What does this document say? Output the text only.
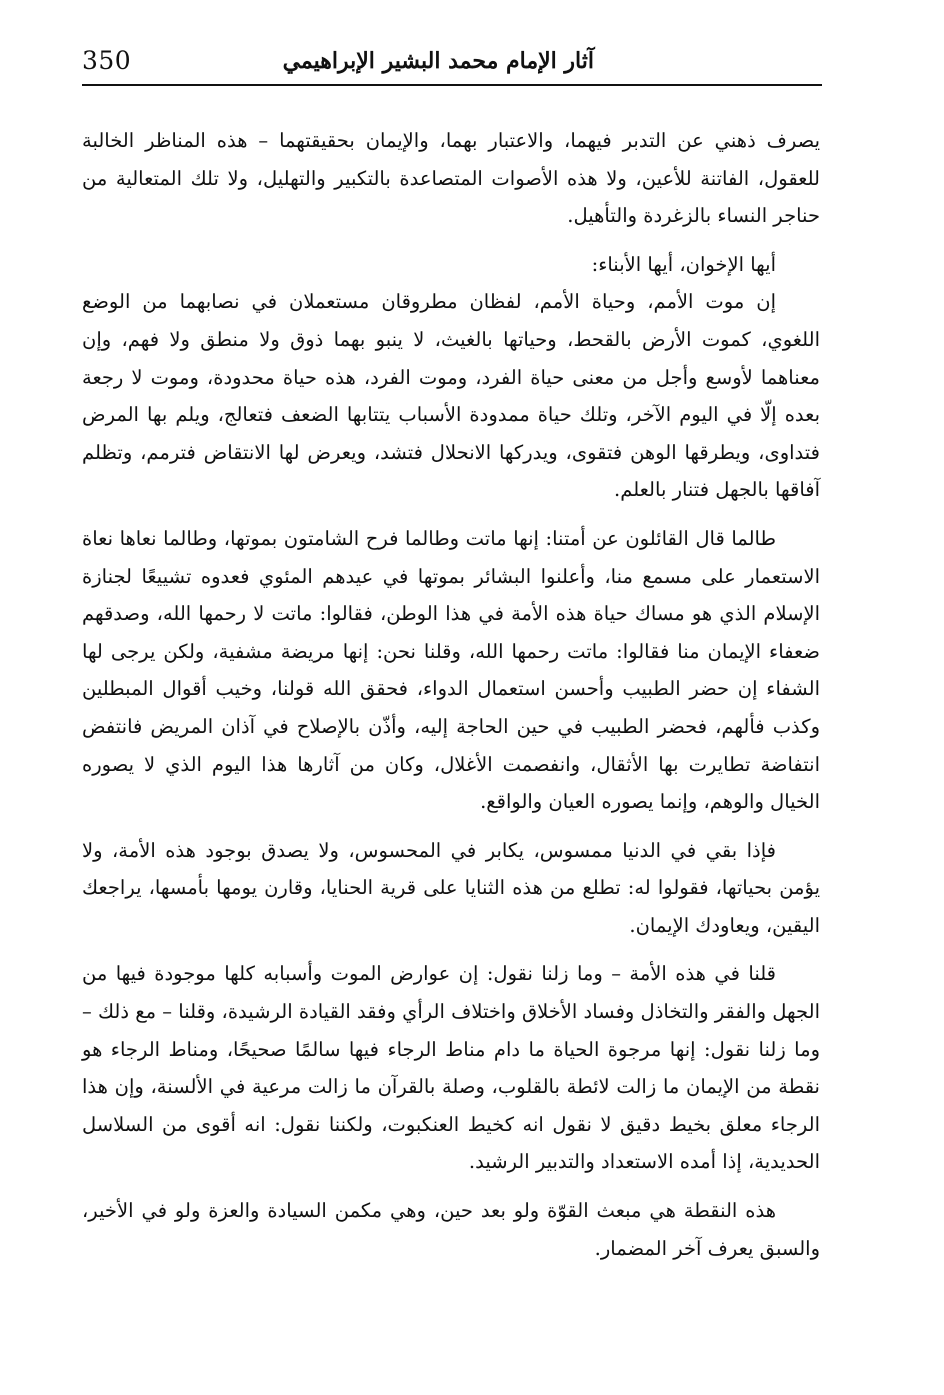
350	آثار الإمام محمد البشير الإبراهيمي

يصرف ذهني عن التدبر فيهما، والاعتبار بهما، والإيمان بحقيقتهما – هذه المناظر الخالبة للعقول، الفاتنة للأعين، ولا هذه الأصوات المتصاعدة بالتكبير والتهليل، ولا تلك المتعالية من حناجر النساء بالزغردة والتأهيل.

أيها الإخوان، أيها الأبناء:

إن موت الأمم، وحياة الأمم، لفظان مطروقان مستعملان في نصابهما من الوضع اللغوي، كموت الأرض بالقحط، وحياتها بالغيث، لا ينبو بهما ذوق ولا منطق ولا فهم، وإن معناهما لأوسع وأجل من معنى حياة الفرد، وموت الفرد، هذه حياة محدودة، وموت لا رجعة بعده إلّا في اليوم الآخر، وتلك حياة ممدودة الأسباب يتتابها الضعف فتعالج، ويلم بها المرض فتداوى، ويطرقها الوهن فتقوى، ويدركها الانحلال فتشد، ويعرض لها الانتقاض فترمم، وتظلم آفاقها بالجهل فتنار بالعلم.

طالما قال القائلون عن أمتنا: إنها ماتت وطالما فرح الشامتون بموتها، وطالما نعاها نعاة الاستعمار على مسمع منا، وأعلنوا البشائر بموتها في عيدهم المئوي فعدوه تشييعًا لجنازة الإسلام الذي هو مساك حياة هذه الأمة في هذا الوطن، فقالوا: ماتت لا رحمها الله، وصدقهم ضعفاء الإيمان منا فقالوا: ماتت رحمها الله، وقلنا نحن: إنها مريضة مشفية، ولكن يرجى لها الشفاء إن حضر الطبيب وأحسن استعمال الدواء، فحقق الله قولنا، وخيب أقوال المبطلين وكذب فألهم، فحضر الطبيب في حين الحاجة إليه، وأذّن بالإصلاح في آذان المريض فانتفض انتفاضة تطايرت بها الأثقال، وانفصمت الأغلال، وكان من آثارها هذا اليوم الذي لا يصوره الخيال والوهم، وإنما يصوره العيان والواقع.

فإذا بقي في الدنيا ممسوس، يكابر في المحسوس، ولا يصدق بوجود هذه الأمة، ولا يؤمن بحياتها، فقولوا له: تطلع من هذه الثنايا على قرية الحنايا، وقارن يومها بأمسها، يراجعك اليقين، ويعاودك الإيمان.

قلنا في هذه الأمة – وما زلنا نقول: إن عوارض الموت وأسبابه كلها موجودة فيها من الجهل والفقر والتخاذل وفساد الأخلاق واختلاف الرأي وفقد القيادة الرشيدة، وقلنا – مع ذلك – وما زلنا نقول: إنها مرجوة الحياة ما دام مناط الرجاء فيها سالمًا صحيحًا، ومناط الرجاء هو نقطة من الإيمان ما زالت لائطة بالقلوب، وصلة بالقرآن ما زالت مرعية في الألسنة، وإن هذا الرجاء معلق بخيط دقيق لا نقول انه كخيط العنكبوت، ولكننا نقول: انه أقوى من السلاسل الحديدية، إذا أمده الاستعداد والتدبير الرشيد.

هذه النقطة هي مبعث القوّة ولو بعد حين، وهي مكمن السيادة والعزة ولو في الأخير، والسبق يعرف آخر المضمار.
